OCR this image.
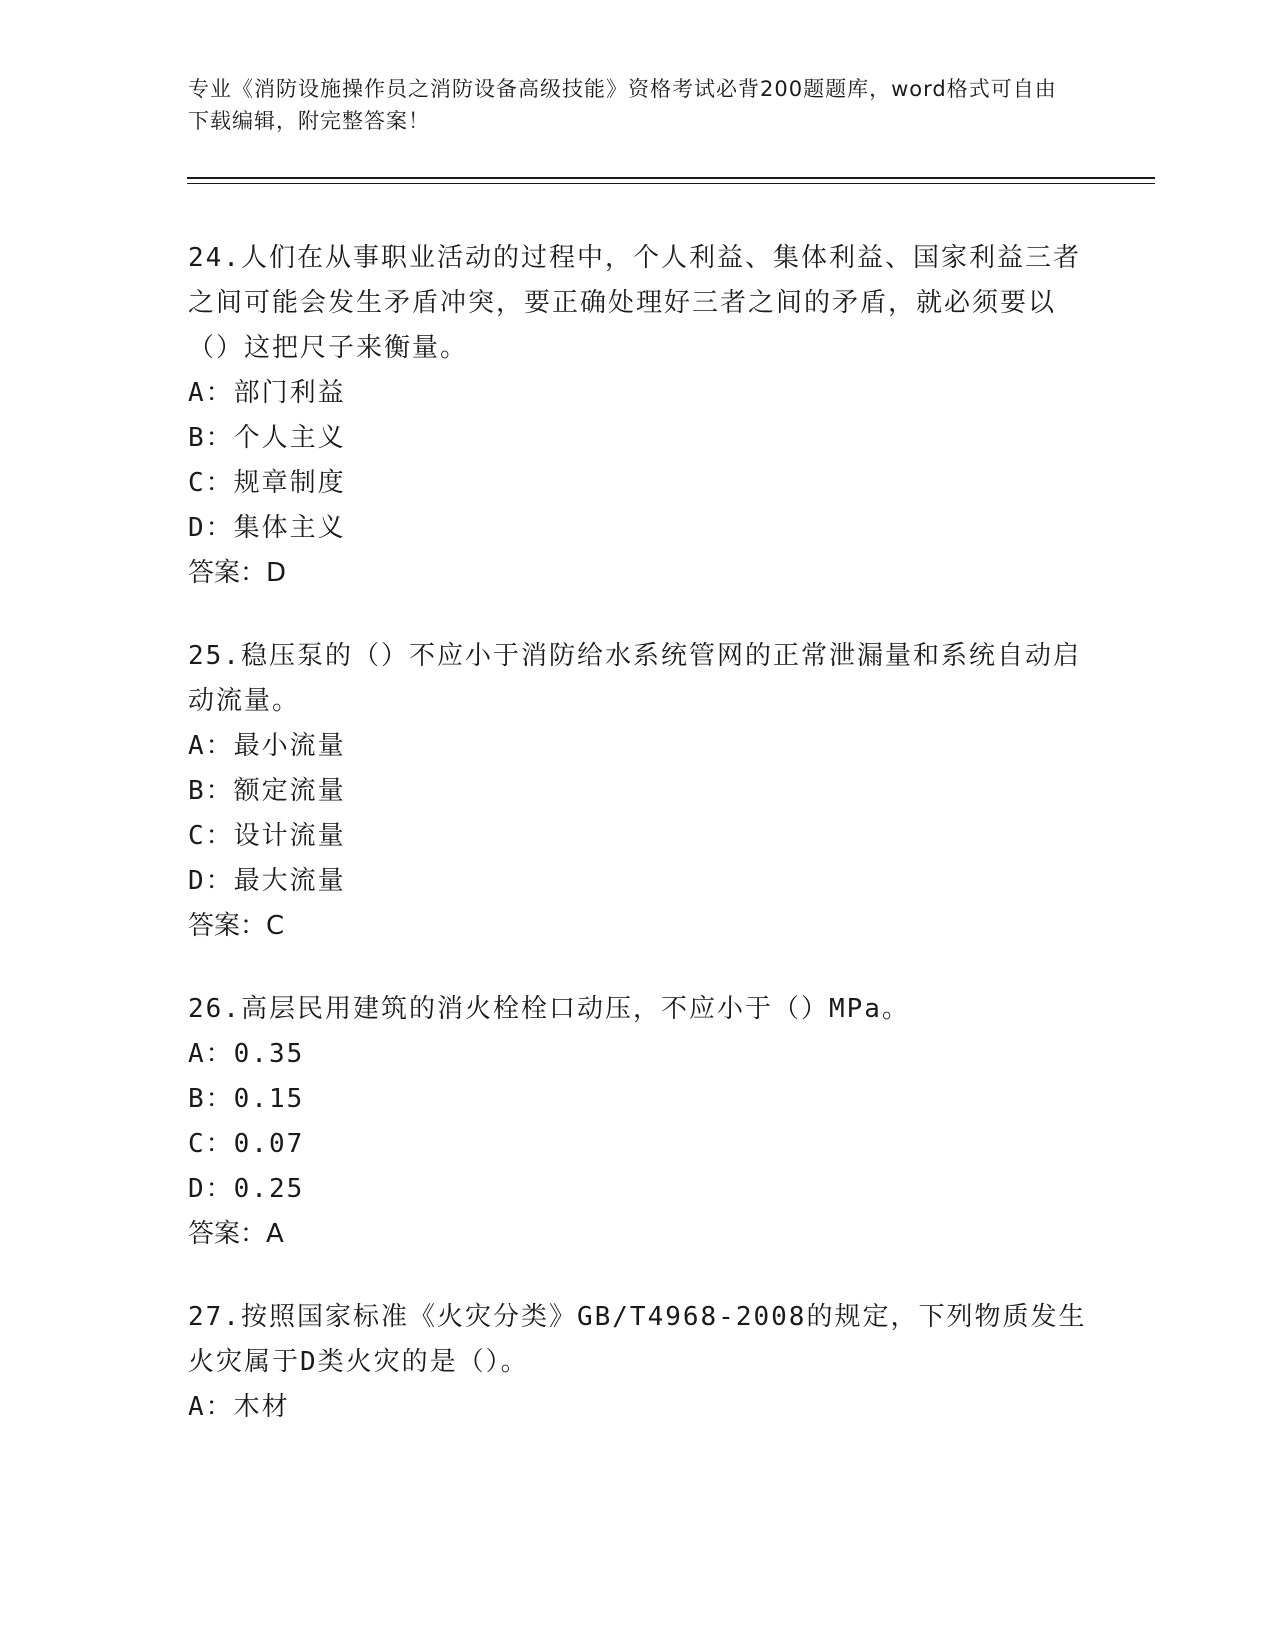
专业《消防设施操作员之消防设备高级技能》资格考试必背200题题库，word格式可自由下载编辑，附完整答案！

24.人们在从事职业活动的过程中，个人利益、集体利益、国家利益三者之间可能会发生矛盾冲突，要正确处理好三者之间的矛盾，就必须要以（）这把尺子来衡量。

A：部门利益

B：个人主义

C：规章制度

D：集体主义

答案：D

25.稳压泵的（）不应小于消防给水系统管网的正常泄漏量和系统自动启动流量。

A：最小流量

B：额定流量

C：设计流量

D：最大流量

答案：C

26.高层民用建筑的消火栓栓口动压，不应小于（）MPa。

A：0.35

B：0.15

C：0.07

D：0.25

答案：A

27.按照国家标准《火灾分类》GB/T4968-2008的规定，下列物质发生火灾属于D类火灾的是（）。

A：木材
